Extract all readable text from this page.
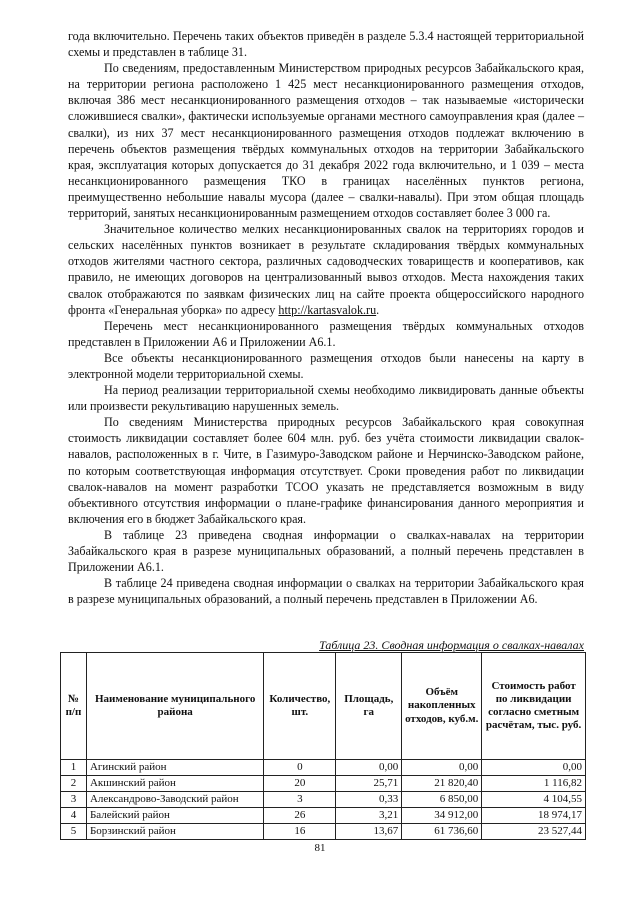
года включительно. Перечень таких объектов приведён в разделе 5.3.4 настоящей территориальной схемы и представлен в таблице 31.

По сведениям, предоставленным Министерством природных ресурсов Забайкальского края, на территории региона расположено 1 425 мест несанкционированного размещения отходов, включая 386 мест несанкционированного размещения отходов – так называемые «исторически сложившиеся свалки», фактически используемые органами местного самоуправления края (далее – свалки), из них 37 мест несанкционированного размещения отходов подлежат включению в перечень объектов размещения твёрдых коммунальных отходов на территории Забайкальского края, эксплуатация которых допускается до 31 декабря 2022 года включительно, и 1 039 – места несанкционированного размещения ТКО в границах населённых пунктов региона, преимущественно небольшие навалы мусора (далее – свалки-навалы). При этом общая площадь территорий, занятых несанкционированным размещением отходов составляет более 3 000 га.

Значительное количество мелких несанкционированных свалок на территориях городов и сельских населённых пунктов возникает в результате складирования твёрдых коммунальных отходов жителями частного сектора, различных садоводческих товариществ и кооперативов, как правило, не имеющих договоров на централизованный вывоз отходов. Места нахождения таких свалок отображаются по заявкам физических лиц на сайте проекта общероссийского народного фронта «Генеральная уборка» по адресу http://kartasvalok.ru.

Перечень мест несанкционированного размещения твёрдых коммунальных отходов представлен в Приложении А6 и Приложении А6.1.

Все объекты несанкционированного размещения отходов были нанесены на карту в электронной модели территориальной схемы.

На период реализации территориальной схемы необходимо ликвидировать данные объекты или произвести рекультивацию нарушенных земель.

По сведениям Министерства природных ресурсов Забайкальского края совокупная стоимость ликвидации составляет более 604 млн. руб. без учёта стоимости ликвидации свалок-навалов, расположенных в г. Чите, в Газимуро-Заводском районе и Нерчинско-Заводском районе, по которым соответствующая информация отсутствует. Сроки проведения работ по ликвидации свалок-навалов на момент разработки ТСОО указать не представляется возможным в виду объективного отсутствия информации о плане-графике финансирования данного мероприятия и включения его в бюджет Забайкальского края.

В таблице 23 приведена сводная информации о свалках-навалах на территории Забайкальского края в разрезе муниципальных образований, а полный перечень представлен в Приложении А6.1.

В таблице 24 приведена сводная информации о свалках на территории Забайкальского края в разрезе муниципальных образований, а полный перечень представлен в Приложении А6.

Таблица 23. Сводная информация о свалках-навалах
№ п/п	Наименование муниципального района	Количество, шт.	Площадь, га	Объём накопленных отходов, куб.м.	Стоимость работ по ликвидации согласно сметным расчётам, тыс. руб.
1	Агинский район	0	0,00	0,00	0,00
2	Акшинский район	20	25,71	21 820,40	1 116,82
3	Александрово-Заводский район	3	0,33	6 850,00	4 104,55
4	Балейский район	26	3,21	34 912,00	18 974,17
5	Борзинский район	16	13,67	61 736,60	23 527,44
81
